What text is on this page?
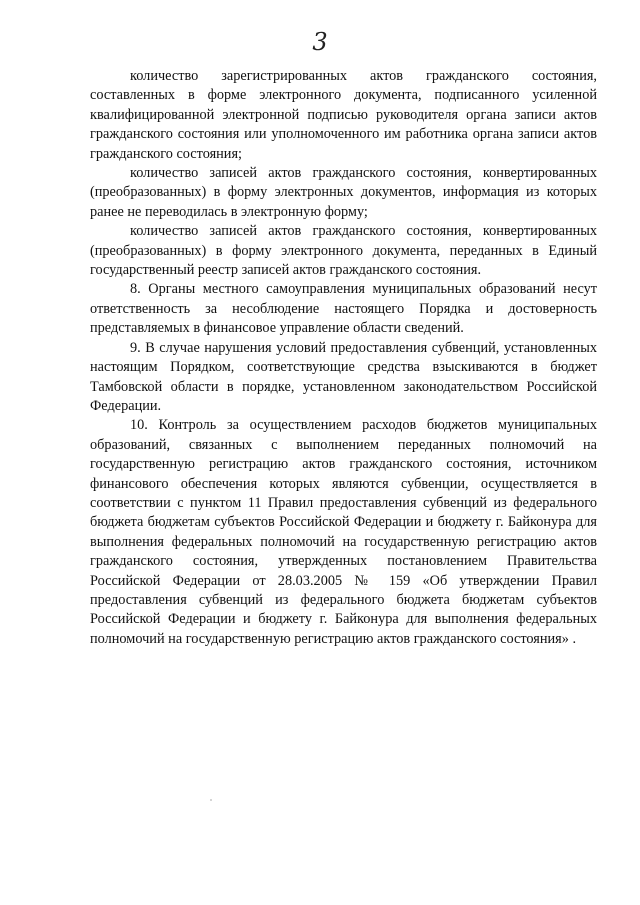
3

количество зарегистрированных актов гражданского состояния, составленных в форме электронного документа, подписанного усиленной квалифицированной электронной подписью руководителя органа записи актов гражданского состояния или уполномоченного им работника органа записи актов гражданского состояния;

количество записей актов гражданского состояния, конвертированных (преобразованных) в форму электронных документов, информация из которых ранее не переводилась в электронную форму;

количество записей актов гражданского состояния, конвертированных (преобразованных) в форму электронного документа, переданных в Единый государственный реестр записей актов гражданского состояния.

8. Органы местного самоуправления муниципальных образований несут ответственность за несоблюдение настоящего Порядка и достоверность представляемых в финансовое управление области сведений.

9. В случае нарушения условий предоставления субвенций, установленных настоящим Порядком, соответствующие средства взыскиваются в бюджет Тамбовской области в порядке, установленном законодательством Российской Федерации.

10. Контроль за осуществлением расходов бюджетов муниципальных образований, связанных с выполнением переданных полномочий на государственную регистрацию актов гражданского состояния, источником финансового обеспечения которых являются субвенции, осуществляется в соответствии с пунктом 11 Правил предоставления субвенций из федерального бюджета бюджетам субъектов Российской Федерации и бюджету г. Байконура для выполнения федеральных полномочий на государственную регистрацию актов гражданского состояния, утвержденных постановлением Правительства Российской Федерации от 28.03.2005 № 159 «Об утверждении Правил предоставления субвенций из федерального бюджета бюджетам субъектов Российской Федерации и бюджету г. Байконура для выполнения федеральных полномочий на государственную регистрацию актов гражданского состояния» .
